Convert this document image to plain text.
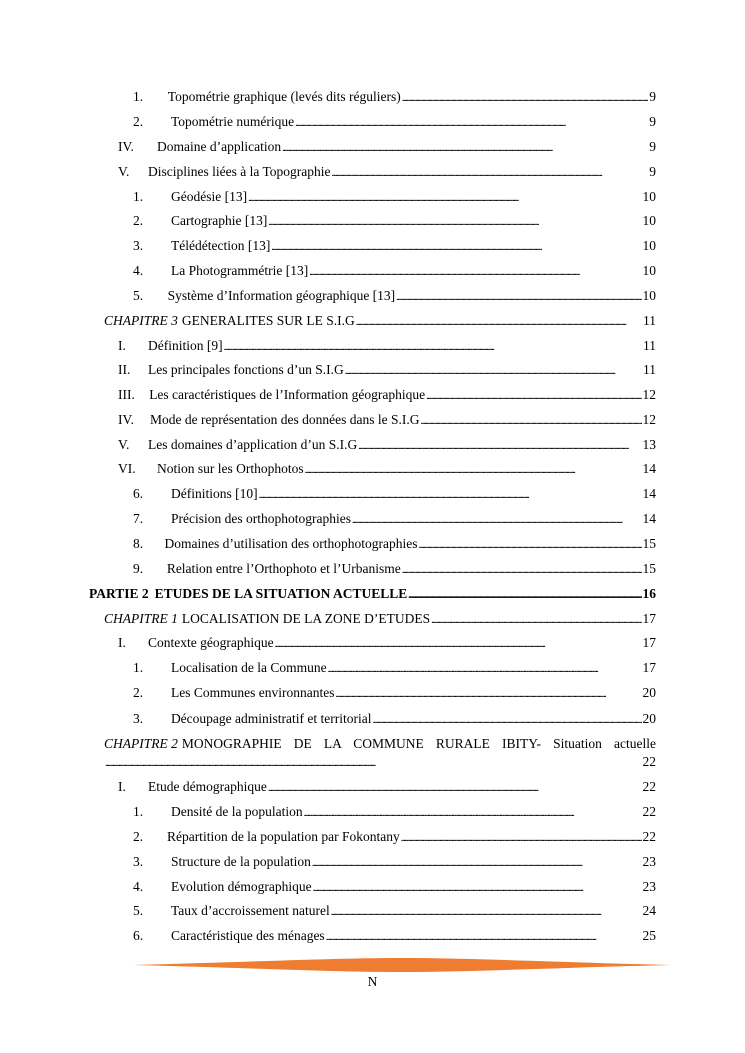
1.	Topométrie graphique (levés dits réguliers) . . .	9
2.	Topométrie numérique . . .	9
IV.	Domaine d’application . . .	9
V.	Disciplines liées à la Topographie . . .	9
1.	Géodésie [13] . . .	10
2.	Cartographie [13] . . .	10
3.	Télédétection [13] . . .	10
4.	La Photogrammétrie [13] . . .	10
5.	Système d’Information géographique [13] . . .	10
CHAPITRE 3 GENERALITES SUR LE S.I.G . . .	11
I.	Définition [9] . . .	11
II.	Les principales fonctions d’un S.I.G . . .	11
III.	Les caractéristiques de l’Information géographique . . .	12
IV.	Mode de représentation des données dans le S.I.G . . .	12
V.	Les domaines d’application d’un S.I.G . . .	13
VI.	Notion sur les Orthophotos . . .	14
6.	Définitions [10] . . .	14
7.	Précision des orthophotographies . . .	14
8.	Domaines d’utilisation des orthophotographies . . .	15
9.	Relation entre l’Orthophoto et l’Urbanisme . . .	15
PARTIE 2 ETUDES DE LA SITUATION ACTUELLE . . .	16
CHAPITRE 1 LOCALISATION DE LA ZONE D’ETUDES . . .	17
I.	Contexte géographique . . .	17
1.	Localisation de la Commune . . .	17
2.	Les Communes environnantes . . .	20
3.	Découpage administratif et territorial . . .	20
CHAPITRE 2 MONOGRAPHIE DE LA COMMUNE RURALE IBITY- Situation actuelle
. . .
22
I.	Etude démographique . . .	22
1.	Densité de la population . . .	22
2.	Répartition de la population par Fokontany . . .	22
3.	Structure de la population . . .	23
4.	Evolution démographique . . .	23
5.	Taux d’accroissement naturel . . .	24
6.	Caractéristique des ménages . . .	25
N
